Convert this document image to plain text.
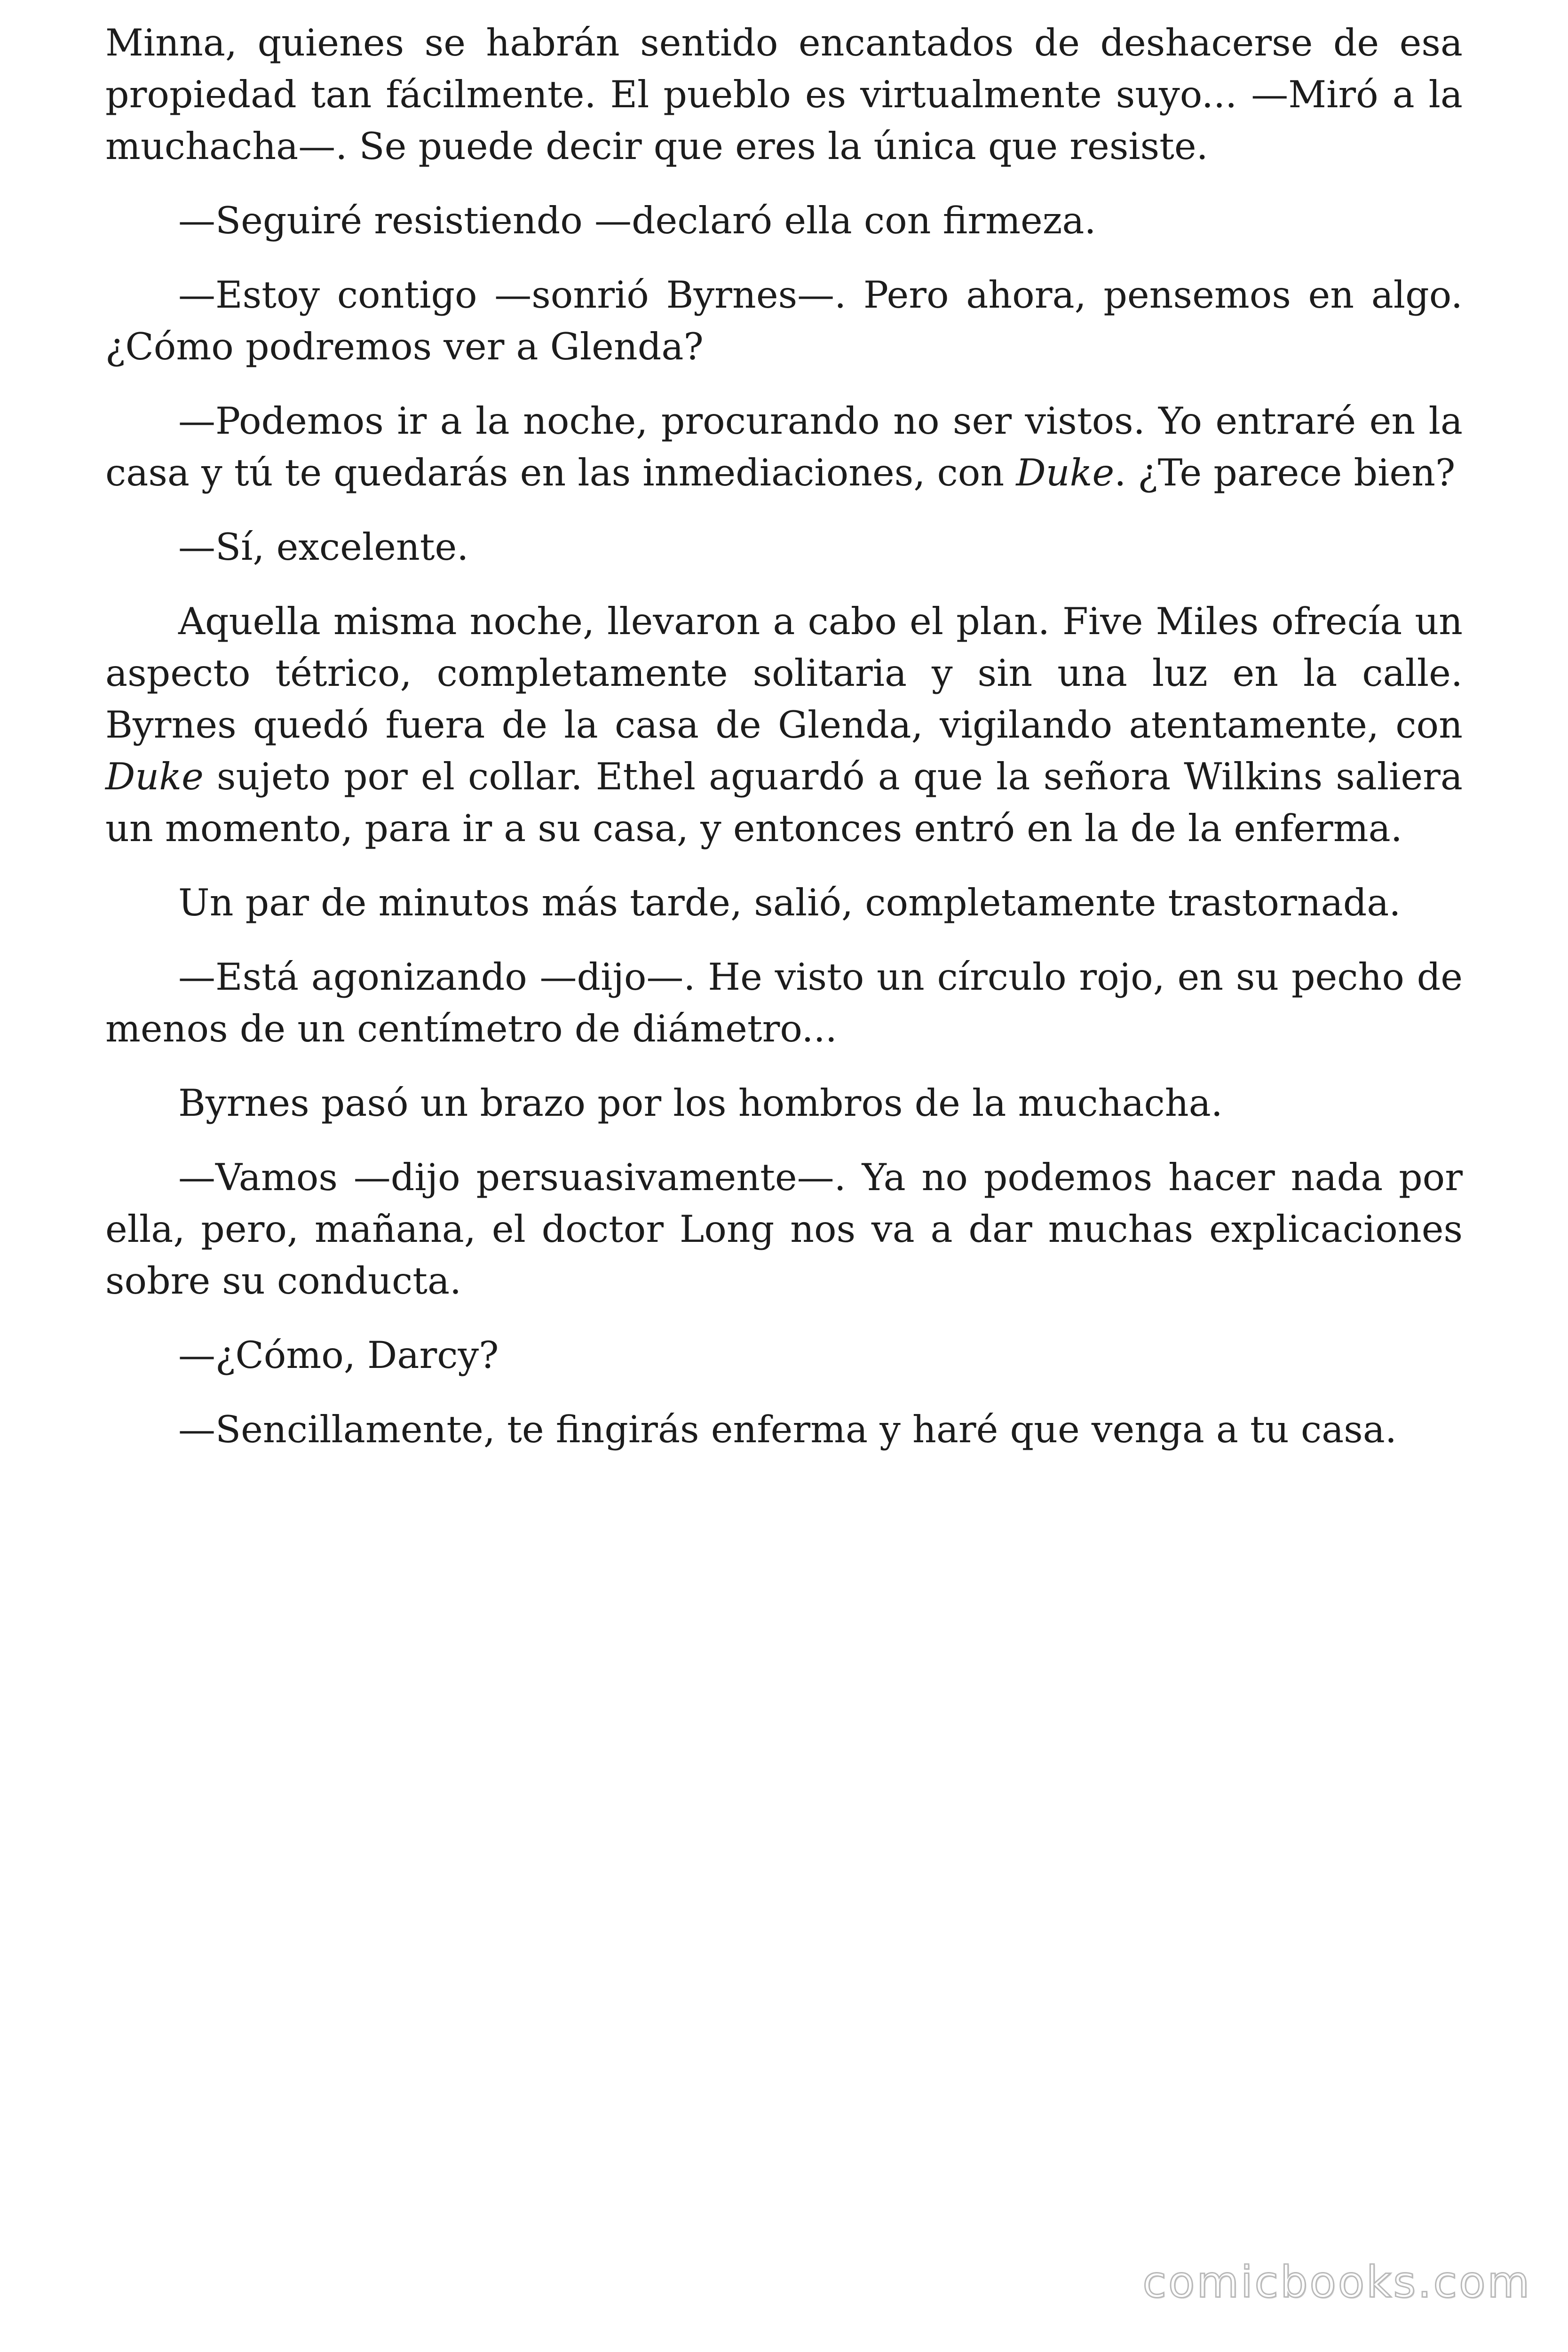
Minna, quienes se habrán sentido encantados de deshacerse de esa propiedad tan fácilmente. El pueblo es virtualmente suyo... —Miró a la muchacha—. Se puede decir que eres la única que resiste.

—Seguiré resistiendo —declaró ella con firmeza.

—Estoy contigo —sonrió Byrnes—. Pero ahora, pensemos en algo. ¿Cómo podremos ver a Glenda?

—Podemos ir a la noche, procurando no ser vistos. Yo entraré en la casa y tú te quedarás en las inmediaciones, con Duke. ¿Te parece bien?

—Sí, excelente.

Aquella misma noche, llevaron a cabo el plan. Five Miles ofrecía un aspecto tétrico, completamente solitaria y sin una luz en la calle. Byrnes quedó fuera de la casa de Glenda, vigilando atentamente, con Duke sujeto por el collar. Ethel aguardó a que la señora Wilkins saliera un momento, para ir a su casa, y entonces entró en la de la enferma.

Un par de minutos más tarde, salió, completamente trastornada.

—Está agonizando —dijo—. He visto un círculo rojo, en su pecho de menos de un centímetro de diámetro...

Byrnes pasó un brazo por los hombros de la muchacha.

—Vamos —dijo persuasivamente—. Ya no podemos hacer nada por ella, pero, mañana, el doctor Long nos va a dar muchas explicaciones sobre su conducta.

—¿Cómo, Darcy?

—Sencillamente, te fingirás enferma y haré que venga a tu casa.

comicbooks.com
